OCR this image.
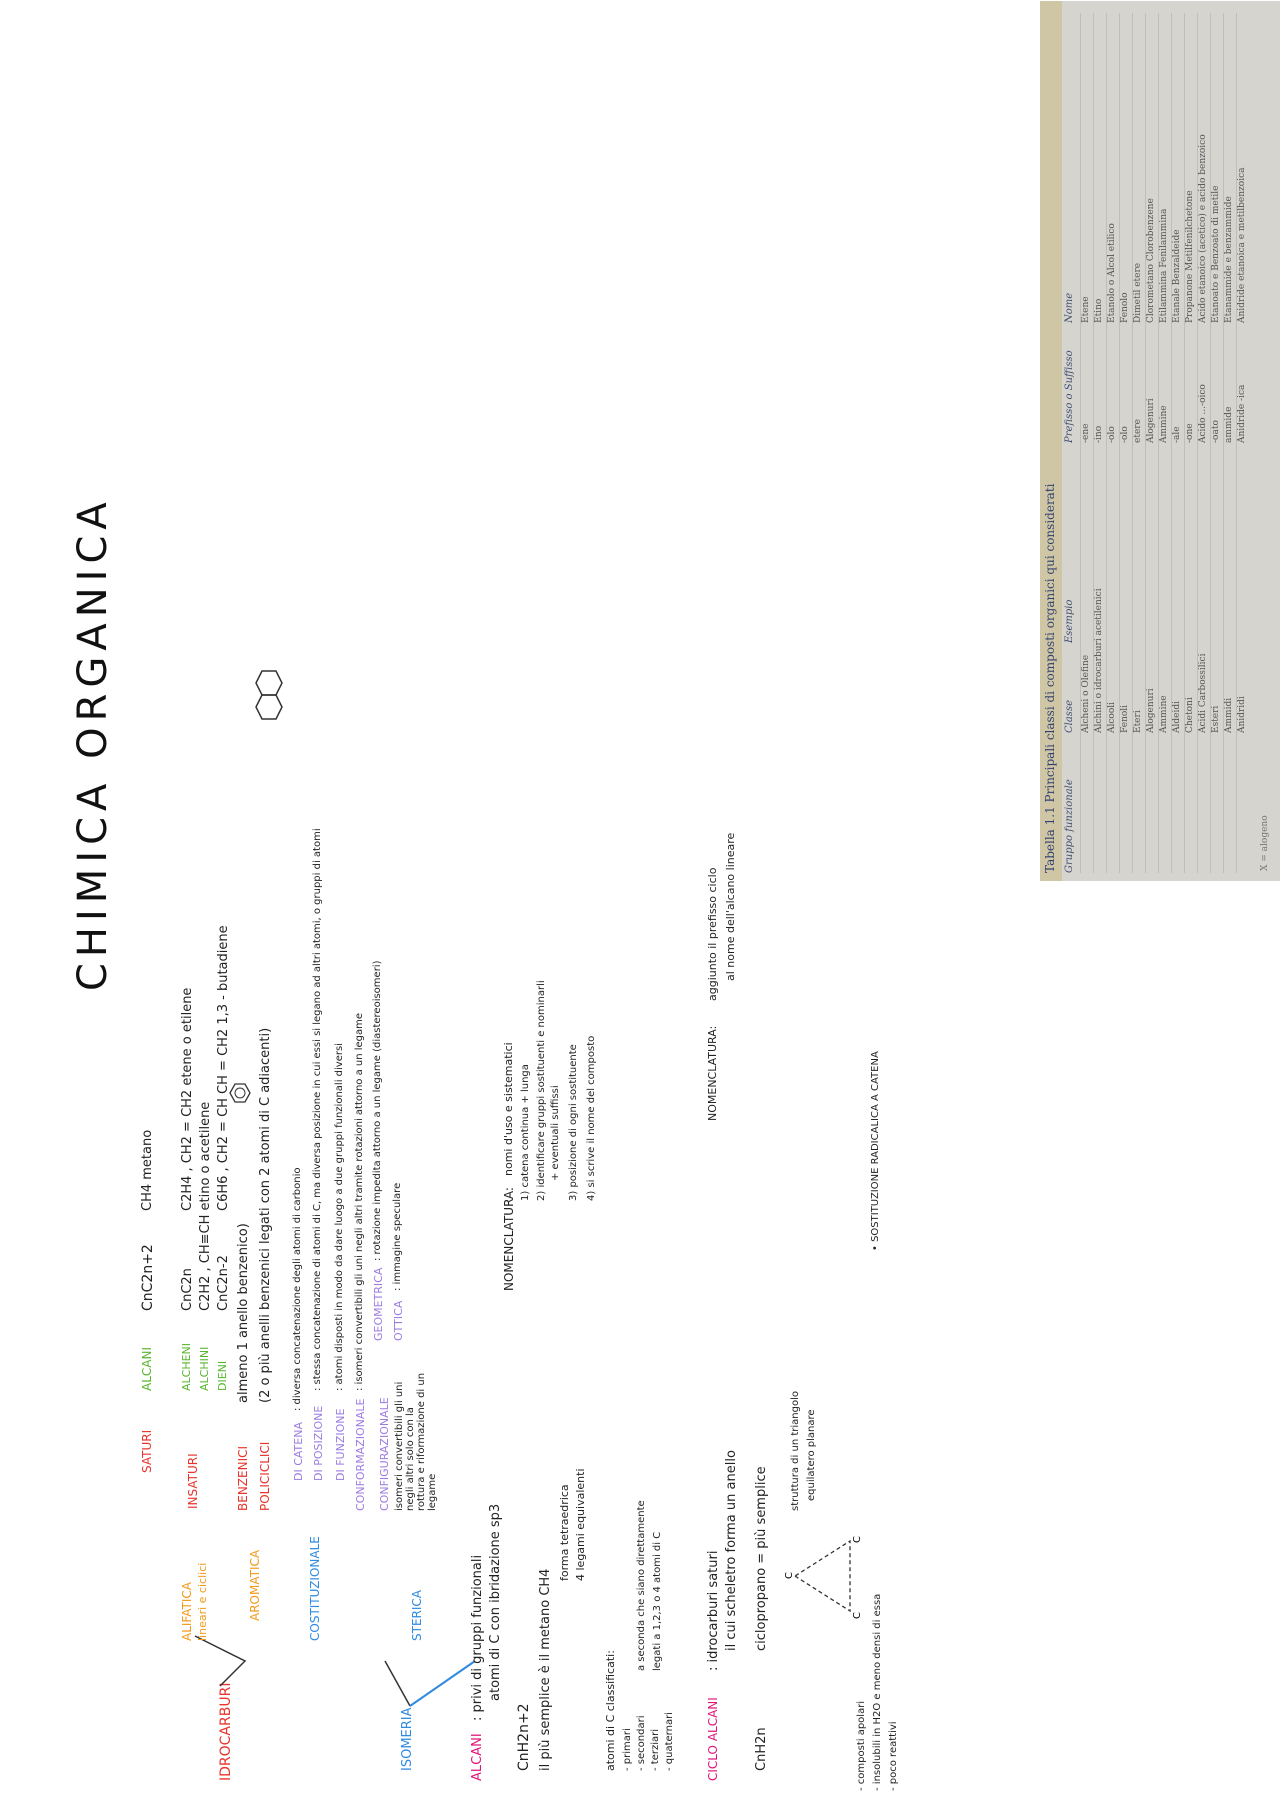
CHIMICA ORGANICA
IDROCARBURI
ALIFATICA lineari e ciclici	AROMATICA
SATURI
ALCANI
CnC2n+2
CH4 metano
INSATURI
ALCHENI
CnC2n
C2H4 , CH2 = CH2 etene o etilene
ALCHINI
C2H2 , CH≡CH etino o acetilene
DIENI
CnC2n-2
C6H6 , CH2 = CH CH = CH2 1,3 - butadiene
BENZENICI
almeno 1 anello benzenico)
POLICICLICI
(2 o più anelli benzenici legati con 2 atomi di C adiacenti)
ISOMERIA
COSTITUZIONALE
DI CATENA
: diversa concatenazione degli atomi di carbonio
DI POSIZIONE
: stessa concatenazione di atomi di C, ma diversa posizione in cui essi si legano ad altri atomi, o gruppi di atomi
DI FUNZIONE
: atomi disposti in modo da dare luogo a due gruppi funzionali diversi
STERICA
CONFORMAZIONALE
: isomeri convertibili gli uni negli altri tramite rotazioni attorno a un legame
CONFIGURAZIONALE isomeri convertibili gli uni negli altri solo con la rottura e riformazione di un legame
GEOMETRICA
: rotazione impedita attorno a un legame (diastereoisomeri)
OTTICA
: immagine speculare
ALCANI
: privi di gruppi funzionali atomi di C con ibridazione sp3
CnH2n+2 il più semplice è il metano CH4
forma tetraedrica 4 legami equivalenti
atomi di C classificati: - primari - secondari - terziari - quaternari
a seconda che siano direttamente legati a 1,2,3 o 4 atomi di C
NOMENCLATURA:
nomi d'uso e sistematici 1) catena continua + lunga 2) identificare gruppi sostituenti e nominarli + eventuali suffissi 3) posizione di ogni sostituente 4) si scrive il nome del composto
CICLO ALCANI
: idrocarburi saturi il cui scheletro forma un anello
CnH2n
ciclopropano = più semplice C
C
C
struttura di un triangolo equilatero planare
NOMENCLATURA:
aggiunto il prefisso ciclo al nome dell'alcano lineare
- composti apolari - insolubili in H2O e meno densi di essa - poco reattivi
• SOSTITUZIONE RADICALICA A CATENA
Tabella 1.1 Principali classi di composti organici qui considerati Gruppo funzionale
Classe
Esempio
Prefisso o Suffisso
Nome
Alcheni o Olefine
-ene
Etene
Alchini o idrocarburi acetilenici
-ino
Etino
Alcooli
-olo
Etanolo o Alcol etilico
Fenoli
-olo
Fenolo
Eteri
etere
Dimetil etere
Alogenuri
Alogenuri
Clorometano Clorobenzene
Ammine
Ammine
Etilammina Fenilammina
Aldeidi
-ale
Etanale Benzaldeide
Chetoni
-one
Propanone Metilfenilchetone
Acidi Carbossilici
Acido ...-oico
Acido etanoico (acetico) e acido benzoico
Esteri
-oato
Etanoato e Benzoato di metile
Ammidi
ammide
Etanammide e benzammide
Anidridi
Anidride -ica
Anidride etanoica e metilbenzoica
X = alogeno
